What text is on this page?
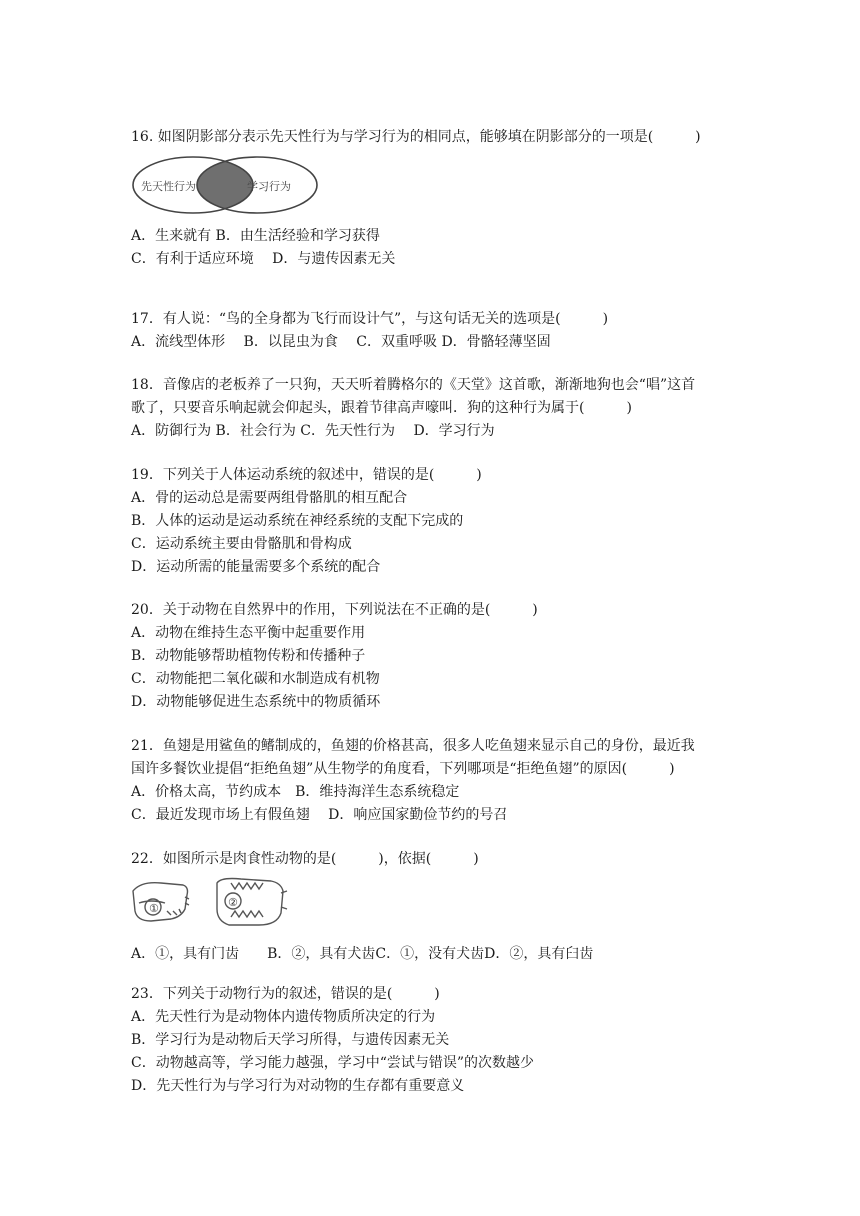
16. 如图阴影部分表示先天性行为与学习行为的相同点，能够填在阴影部分的一项是(　　　)
先天性行为	学习行为
A．生来就有 B．由生活经验和学习获得
C．有利于适应环境　 D．与遗传因素无关
17．有人说：“鸟的全身都为飞行而设计气”，与这句话无关的选项是(　　　)
A．流线型体形　 B．以昆虫为食　 C．双重呼吸 D．骨骼轻薄坚固
18．音像店的老板养了一只狗，天天听着腾格尔的《天堂》这首歌，渐渐地狗也会“唱”这首
歌了，只要音乐响起就会仰起头，跟着节律高声嚎叫．狗的这种行为属于(　　　)
A．防御行为 B．社会行为 C．先天性行为　 D．学习行为
19．下列关于人体运动系统的叙述中，错误的是(　　　)
A．骨的运动总是需要两组骨骼肌的相互配合
B．人体的运动是运动系统在神经系统的支配下完成的
C．运动系统主要由骨骼肌和骨构成
D．运动所需的能量需要多个系统的配合
20．关于动物在自然界中的作用，下列说法在不正确的是(　　　)
A．动物在维持生态平衡中起重要作用
B．动物能够帮助植物传粉和传播种子
C．动物能把二氧化碳和水制造成有机物
D．动物能够促进生态系统中的物质循环
21．鱼翅是用鲨鱼的鳍制成的，鱼翅的价格甚高，很多人吃鱼翅来显示自己的身份，最近我
国许多餐饮业提倡“拒绝鱼翅”从生物学的角度看，下列哪项是“拒绝鱼翅”的原因(　　　)
A．价格太高，节约成本　B．维持海洋生态系统稳定
C．最近发现市场上有假鱼翅　 D．响应国家勤俭节约的号召
22．如图所示是肉食性动物的是(　　　)，依据(　　　)
①	②
A．①，具有门齿　　B．②，具有犬齿C．①，没有犬齿D．②，具有臼齿
23．下列关于动物行为的叙述，错误的是(　　　)
A．先天性行为是动物体内遗传物质所决定的行为
B．学习行为是动物后天学习所得，与遗传因素无关
C．动物越高等，学习能力越强，学习中“尝试与错误”的次数越少
D．先天性行为与学习行为对动物的生存都有重要意义
